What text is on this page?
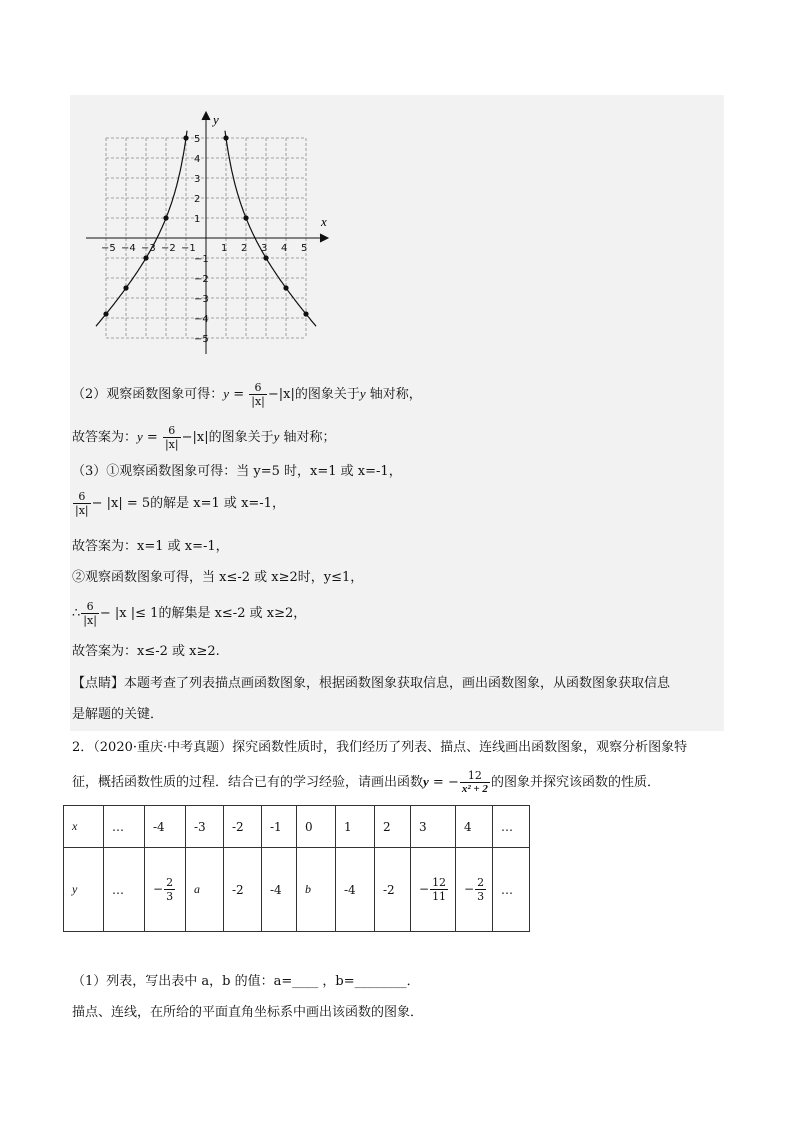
x
y
−5 −4 −3 −2 −1	1 2 3 4 5
5
4
3
2
1
−1
−2
−3
−4
−5
（2）观察函数图象可得：$y = \frac{6}{|x|} -|x|$的图象关于y 轴对称，
故答案为：$y = \frac{6}{|x|} -|x|$的图象关于y 轴对称；
（3）①观察函数图象可得：当 y=5 时，x=1 或 x=-1，
$\frac{6}{|x|} - |x| = 5$的解是 x=1 或 x=-1，
故答案为：x=1 或 x=-1，
②观察函数图象可得，当 x≤-2 或 x≥2时，y≤1，
∴ $\frac{6}{|x|} - |x$ |≤ 1的解集是 x≤-2 或 x≥2，
故答案为：x≤-2 或 x≥2.
【点睛】本题考查了列表描点画函数图象，根据函数图象获取信息，画出函数图象，从函数图象获取信息
是解题的关键．
2．（2020·重庆·中考真题）探究函数性质时，我们经历了列表、描点、连线画出函数图象，观察分析图象特
征，概括函数性质的过程．结合已有的学习经验，请画出函数y = − $\frac{12}{\text{x² + 2}}$ 的图象并探究该函数的性质．
x	…	-4	-3	-2	-1	0	1	2	3	4	…
y	…	− $\frac{2}{3}$	a	-2	-4	b	-4	-2	− $\frac{12}{11}$	− $\frac{2}{3}$	…
（1）列表，写出表中 a，b 的值：a=____ ，b=________．
描点、连线，在所给的平面直角坐标系中画出该函数的图象．
